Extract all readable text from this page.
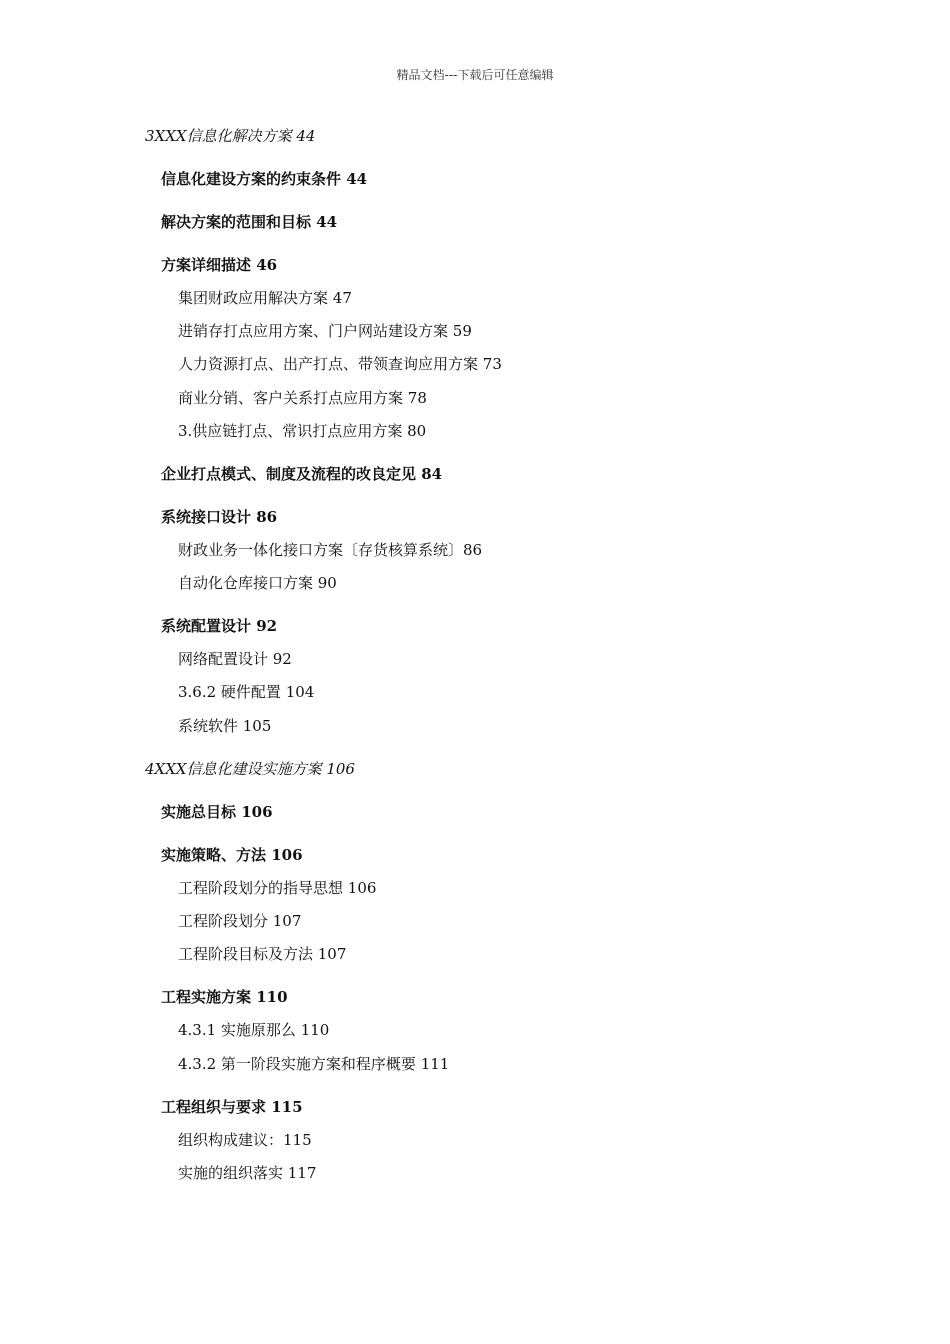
精品文档---下载后可任意编辑
3XXX信息化解决方案 44
信息化建设方案的约束条件 44
解决方案的范围和目标 44
方案详细描述 46
集团财政应用解决方案 47
进销存打点应用方案、门户网站建设方案 59
人力资源打点、出产打点、带领查询应用方案 73
商业分销、客户关系打点应用方案 78
3.供应链打点、常识打点应用方案 80
企业打点模式、制度及流程的改良定见 84
系统接口设计 86
财政业务一体化接口方案〔存货核算系统〕86
自动化仓库接口方案 90
系统配置设计 92
网络配置设计 92
3.6.2 硬件配置 104
系统软件 105
4XXX信息化建设实施方案 106
实施总目标 106
实施策略、方法 106
工程阶段划分的指导思想 106
工程阶段划分 107
工程阶段目标及方法 107
工程实施方案 110
4.3.1 实施原那么 110
4.3.2 第一阶段实施方案和程序概要 111
工程组织与要求 115
组织构成建议：115
实施的组织落实 117
